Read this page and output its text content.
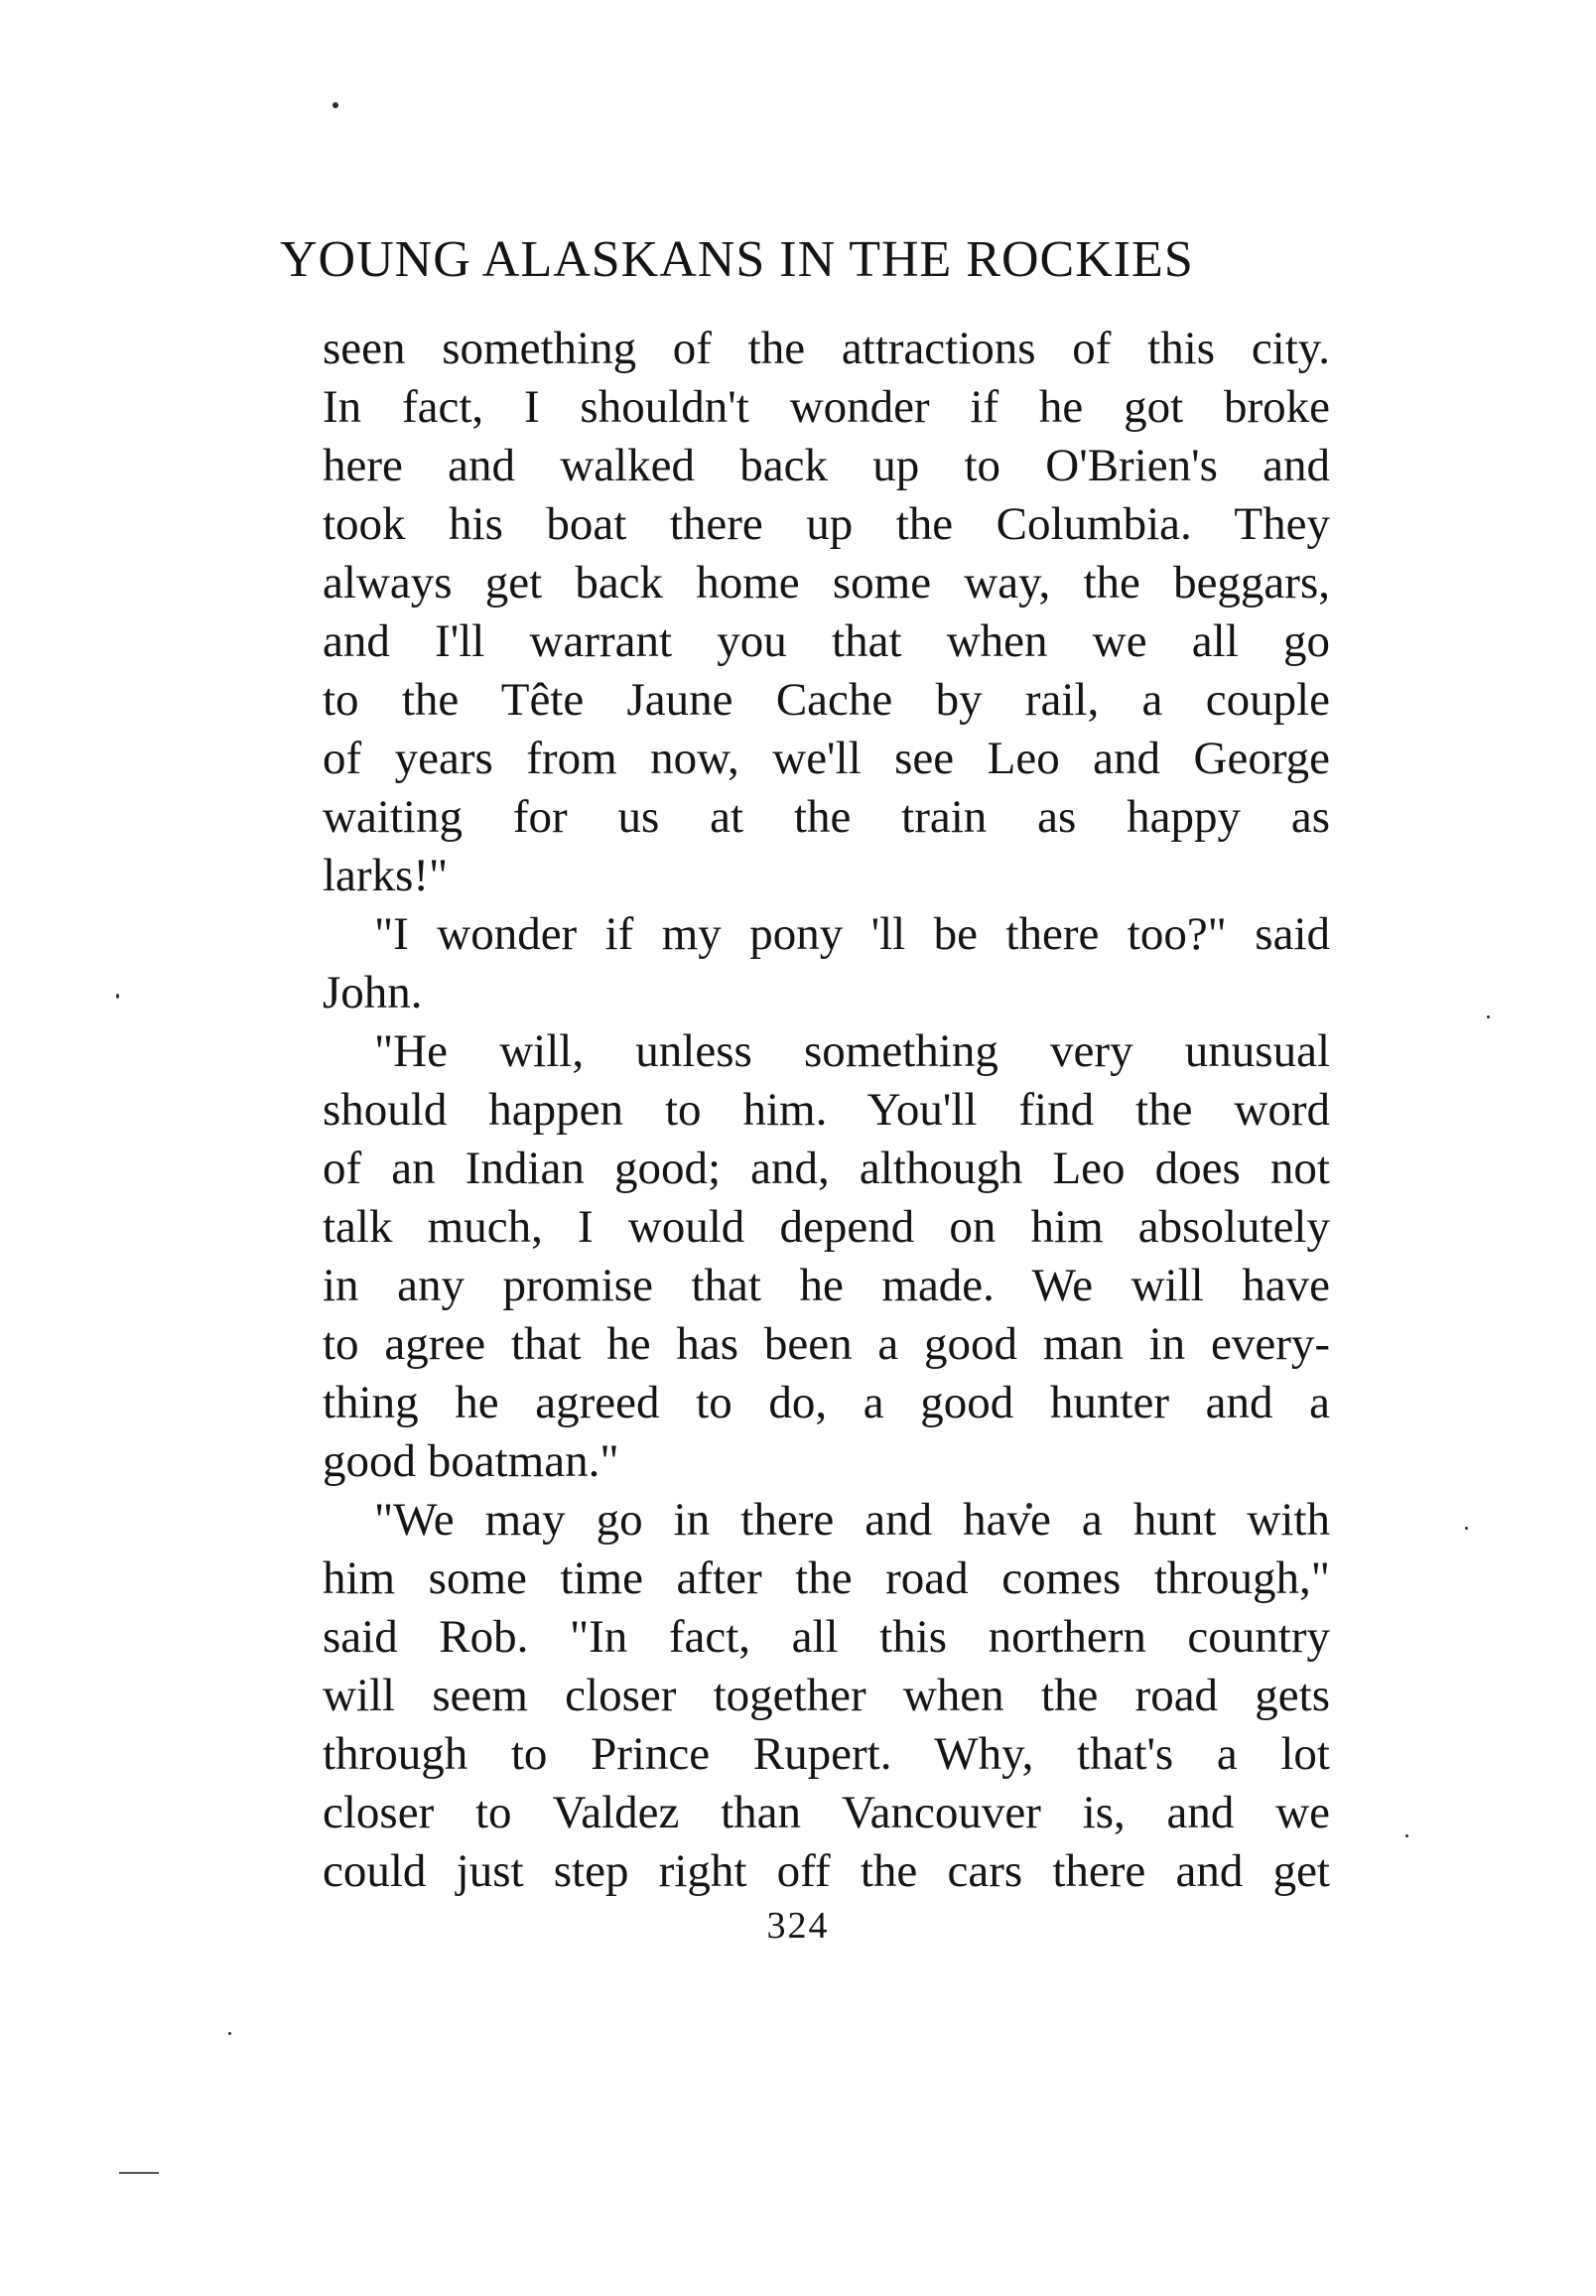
YOUNG ALASKANS IN THE ROCKIES
seen something of the attractions of this city.
In fact, I shouldn't wonder if he got broke
here and walked back up to O'Brien's and
took his boat there up the Columbia. They
always get back home some way, the beggars,
and I'll warrant you that when we all go
to the Tête Jaune Cache by rail, a couple
of years from now, we'll see Leo and George
waiting for us at the train as happy as
larks!"
"I wonder if my pony 'll be there too?" said
John.
"He will, unless something very unusual
should happen to him. You'll find the word
of an Indian good; and, although Leo does not
talk much, I would depend on him absolutely
in any promise that he made. We will have
to agree that he has been a good man in every-
thing he agreed to do, a good hunter and a
good boatman."
"We may go in there and have a hunt with
him some time after the road comes through,"
said Rob. "In fact, all this northern country
will seem closer together when the road gets
through to Prince Rupert. Why, that's a lot
closer to Valdez than Vancouver is, and we
could just step right off the cars there and get
324
